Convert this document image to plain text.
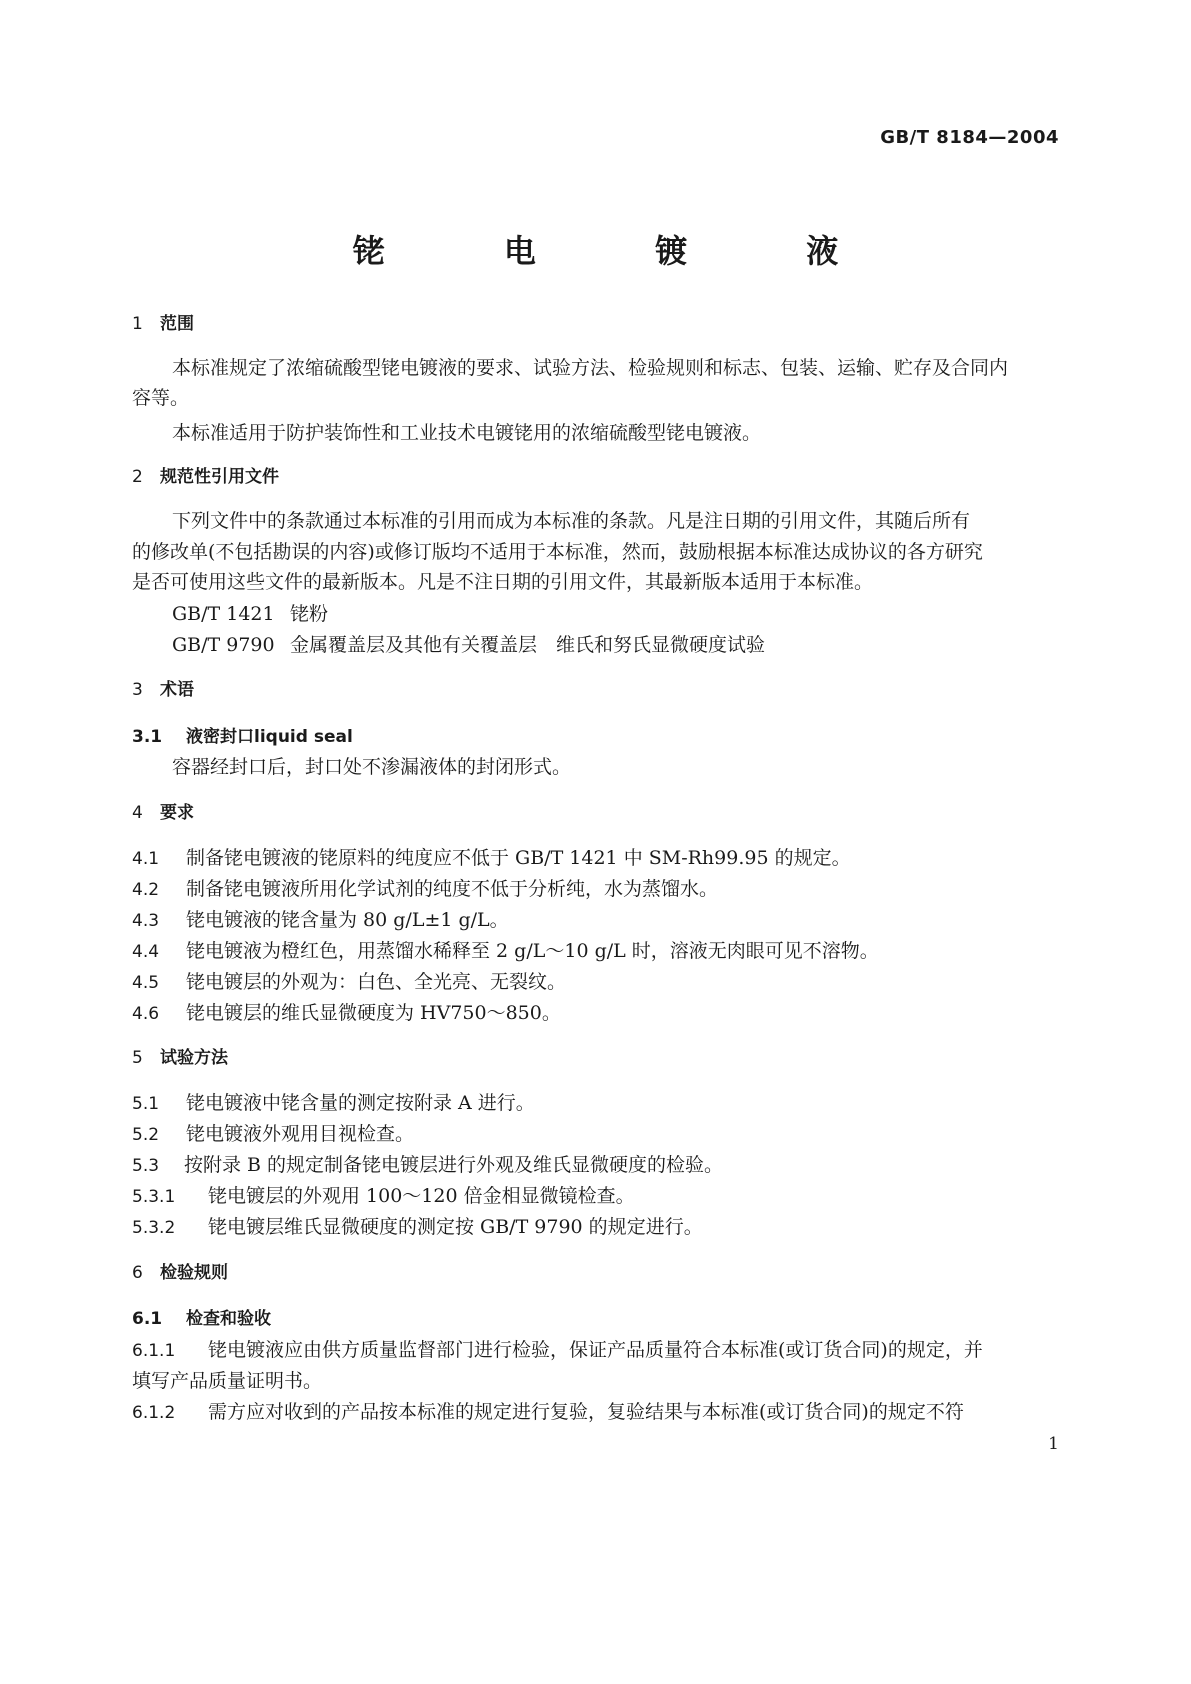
GB/T 8184—2004
铑 电 镀 液
1 范围
本标准规定了浓缩硫酸型铑电镀液的要求、试验方法、检验规则和标志、包装、运输、贮存及合同内
容等。
本标准适用于防护装饰性和工业技术电镀铑用的浓缩硫酸型铑电镀液。
2 规范性引用文件
下列文件中的条款通过本标准的引用而成为本标准的条款。凡是注日期的引用文件，其随后所有
的修改单(不包括勘误的内容)或修订版均不适用于本标准，然而，鼓励根据本标准达成协议的各方研究
是否可使用这些文件的最新版本。凡是不注日期的引用文件，其最新版本适用于本标准。
GB/T 1421 铑粉
GB/T 9790 金属覆盖层及其他有关覆盖层　维氏和努氏显微硬度试验
3 术语
3.1 液密封口liquid seal
容器经封口后，封口处不渗漏液体的封闭形式。
4 要求
4.1 制备铑电镀液的铑原料的纯度应不低于 GB/T 1421 中 SM-Rh99.95 的规定。
4.2 制备铑电镀液所用化学试剂的纯度不低于分析纯，水为蒸馏水。
4.3 铑电镀液的铑含量为 80 g/L±1 g/L。
4.4 铑电镀液为橙红色，用蒸馏水稀释至 2 g/L～10 g/L 时，溶液无肉眼可见不溶物。
4.5 铑电镀层的外观为：白色、全光亮、无裂纹。
4.6 铑电镀层的维氏显微硬度为 HV750～850。
5 试验方法
5.1 铑电镀液中铑含量的测定按附录 A 进行。
5.2 铑电镀液外观用目视检查。
5.3 按附录 B 的规定制备铑电镀层进行外观及维氏显微硬度的检验。
5.3.1 铑电镀层的外观用 100～120 倍金相显微镜检查。
5.3.2 铑电镀层维氏显微硬度的测定按 GB/T 9790 的规定进行。
6 检验规则
6.1 检查和验收
6.1.1 铑电镀液应由供方质量监督部门进行检验，保证产品质量符合本标准(或订货合同)的规定，并
填写产品质量证明书。
6.1.2 需方应对收到的产品按本标准的规定进行复验，复验结果与本标准(或订货合同)的规定不符
1
